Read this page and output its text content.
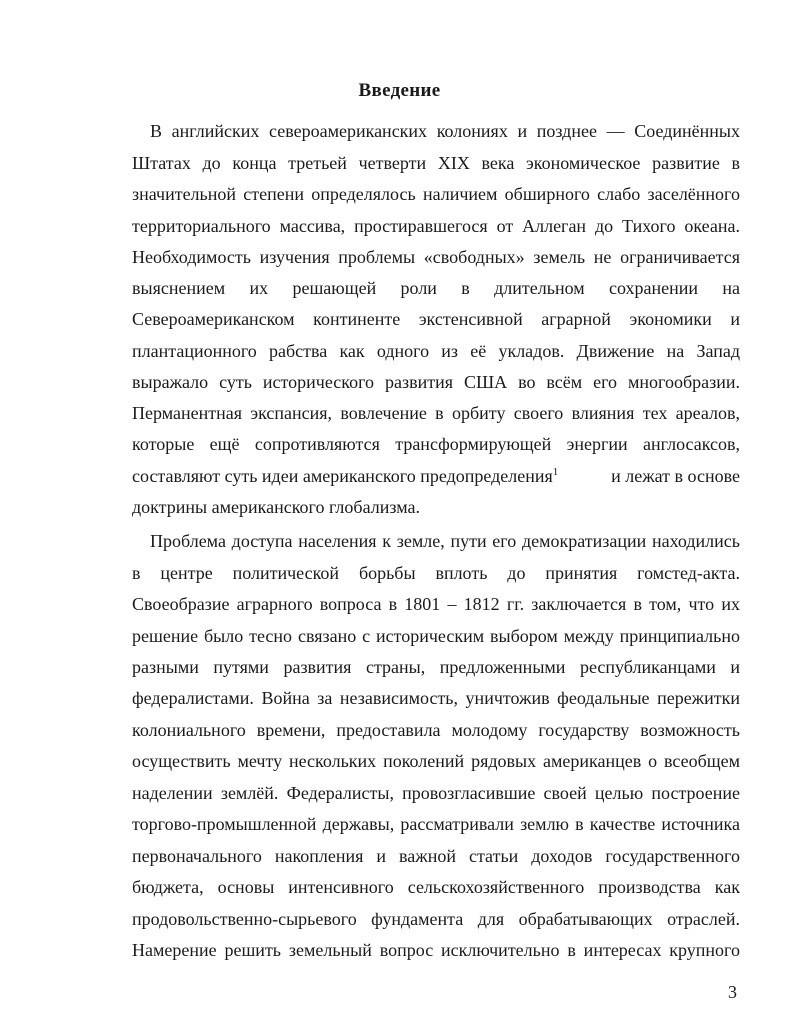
Введение
В английских североамериканских колониях и позднее — Соединённых
Штатах до конца третьей четверти XIX века экономическое развитие в
значительной степени определялось наличием обширного слабо заселённого
территориального массива, простиравшегося от Аллеган до Тихого океана.
Необходимость изучения проблемы «свободных» земель не ограничивается
выяснением их решающей роли в длительном сохранении на
Североамериканском континенте экстенсивной аграрной экономики и
плантационного рабства как одного из её укладов. Движение на Запад
выражало суть исторического развития США во всём его многообразии.
Перманентная экспансия, вовлечение в орбиту своего влияния тех ареалов,
которые ещё сопротивляются трансформирующей энергии англосаксов,
составляют суть идеи американского предопределения$^1$	и лежат в основе
доктрины американского глобализма.
Проблема доступа населения к земле, пути его демократизации находились
в центре политической борьбы вплоть до принятия гомстед-акта.
Своеобразие аграрного вопроса в 1801 – 1812 гг. заключается в том, что их
решение было тесно связано с историческим выбором между принципиально
разными путями развития страны, предложенными республиканцами и
федералистами. Война за независимость, уничтожив феодальные пережитки
колониального времени, предоставила молодому государству возможность
осуществить мечту нескольких поколений рядовых американцев о всеобщем
наделении землёй. Федералисты, провозгласившие своей целью построение
торгово-промышленной державы, рассматривали землю в качестве источника
первоначального накопления и важной статьи доходов государственного
бюджета, основы интенсивного сельскохозяйственного производства как
продовольственно-сырьевого фундамента для обрабатывающих отраслей.
Намерение решить земельный вопрос исключительно в интересах крупного
3
